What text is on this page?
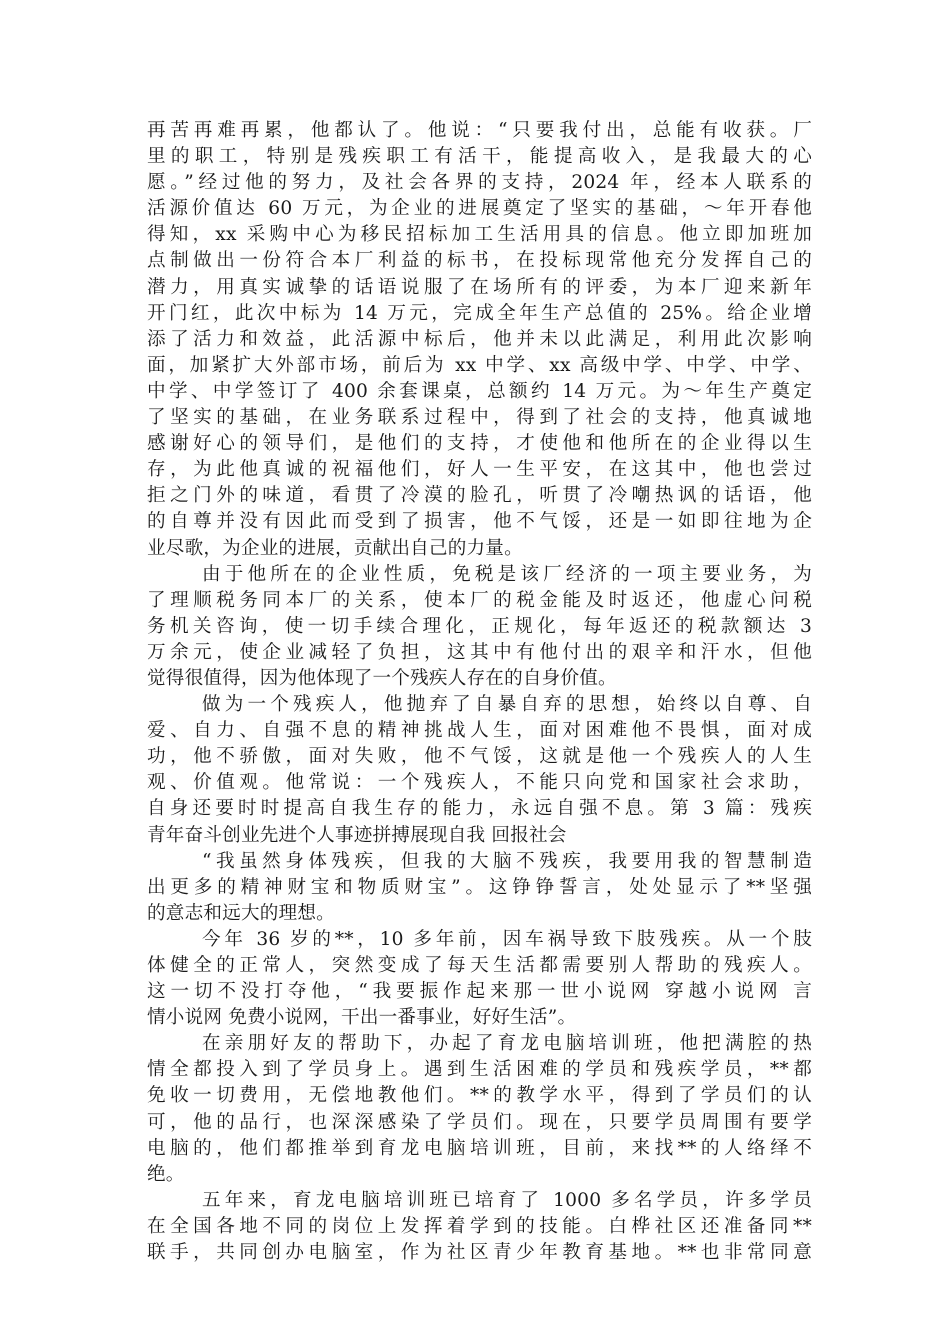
再苦再难再累，他都认了。他说：“只要我付出，总能有收获。厂
里的职工，特别是残疾职工有活干，能提高收入，是我最大的心
愿。”经过他的努力，及社会各界的支持，2024 年，经本人联系的
活源价值达 60 万元，为企业的进展奠定了坚实的基础，～年开春他
得知，xx 采购中心为移民招标加工生活用具的信息。他立即加班加
点制做出一份符合本厂利益的标书，在投标现常他充分发挥自己的
潜力，用真实诚挚的话语说服了在场所有的评委，为本厂迎来新年
开门红，此次中标为 14 万元，完成全年生产总值的 25%。给企业增
添了活力和效益，此活源中标后，他并未以此满足，利用此次影响
面，加紧扩大外部市场，前后为 xx 中学、xx 高级中学、中学、中学、
中学、中学签订了 400 余套课桌，总额约 14 万元。为～年生产奠定
了坚实的基础，在业务联系过程中，得到了社会的支持，他真诚地
感谢好心的领导们，是他们的支持，才使他和他所在的企业得以生
存，为此他真诚的祝福他们，好人一生平安，在这其中，他也尝过
拒之门外的味道，看贯了冷漠的脸孔，听贯了冷嘲热讽的话语，他
的自尊并没有因此而受到了损害，他不气馁，还是一如即往地为企
业尽歌，为企业的进展，贡献出自己的力量。
由于他所在的企业性质，免税是该厂经济的一项主要业务，为
了理顺税务同本厂的关系，使本厂的税金能及时返还，他虚心问税
务机关咨询，使一切手续合理化，正规化，每年返还的税款额达 3
万余元，使企业减轻了负担，这其中有他付出的艰辛和汗水，但他
觉得很值得，因为他体现了一个残疾人存在的自身价值。
做为一个残疾人，他抛弃了自暴自弃的思想，始终以自尊、自
爱、自力、自强不息的精神挑战人生，面对困难他不畏惧，面对成
功，他不骄傲，面对失败，他不气馁，这就是他一个残疾人的人生
观、价值观。他常说：一个残疾人，不能只向党和国家社会求助，
自身还要时时提高自我生存的能力，永远自强不息。第 3 篇：残疾
青年奋斗创业先进个人事迹拼搏展现自我 回报社会
“我虽然身体残疾，但我的大脑不残疾，我要用我的智慧制造
出更多的精神财宝和物质财宝”。这铮铮誓言，处处显示了**坚强
的意志和远大的理想。
今年 36 岁的**，10 多年前，因车祸导致下肢残疾。从一个肢
体健全的正常人，突然变成了每天生活都需要别人帮助的残疾人。
这一切不没打夺他，“我要振作起来那一世小说网 穿越小说网 言
情小说网 免费小说网，干出一番事业，好好生活”。
在亲朋好友的帮助下，办起了育龙电脑培训班，他把满腔的热
情全都投入到了学员身上。遇到生活困难的学员和残疾学员，**都
免收一切费用，无偿地教他们。**的教学水平，得到了学员们的认
可，他的品行，也深深感染了学员们。现在，只要学员周围有要学
电脑的，他们都推举到育龙电脑培训班，目前，来找**的人络绎不
绝。
五年来，育龙电脑培训班已培育了 1000 多名学员，许多学员
在全国各地不同的岗位上发挥着学到的技能。白桦社区还准备同**
联手，共同创办电脑室，作为社区青少年教育基地。**也非常同意
